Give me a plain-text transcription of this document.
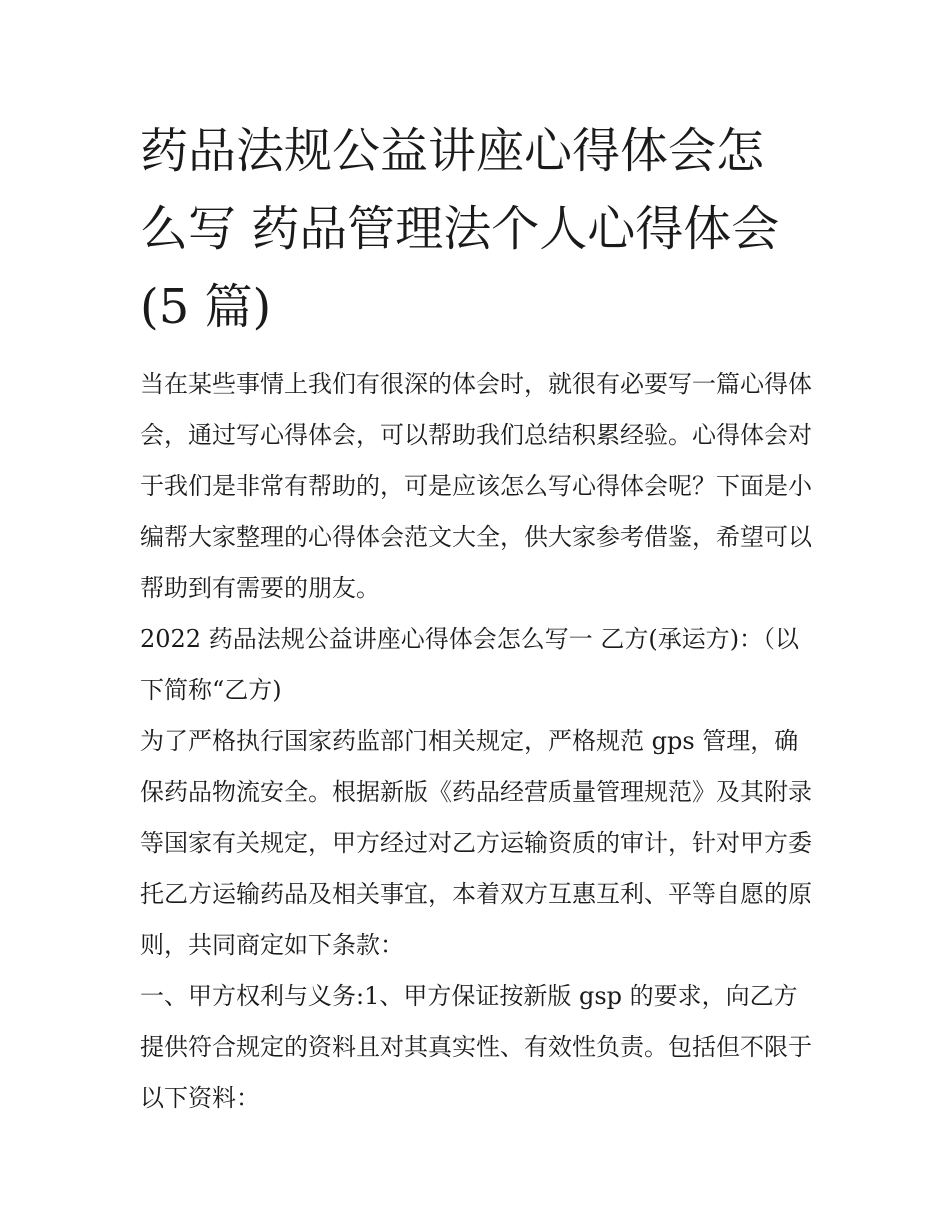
药品法规公益讲座心得体会怎
么写 药品管理法个人心得体会
(5 篇)

当在某些事情上我们有很深的体会时，就很有必要写一篇心得体会，通过写心得体会，可以帮助我们总结积累经验。心得体会对于我们是非常有帮助的，可是应该怎么写心得体会呢？下面是小编帮大家整理的心得体会范文大全，供大家参考借鉴，希望可以帮助到有需要的朋友。

2022 药品法规公益讲座心得体会怎么写一 乙方(承运方)：（以下简称“乙方)

为了严格执行国家药监部门相关规定，严格规范 gps 管理，确保药品物流安全。根据新版《药品经营质量管理规范》及其附录等国家有关规定，甲方经过对乙方运输资质的审计，针对甲方委托乙方运输药品及相关事宜，本着双方互惠互利、平等自愿的原则，共同商定如下条款：

一、甲方权利与义务:1、甲方保证按新版 gsp 的要求，向乙方提供符合规定的资料且对其真实性、有效性负责。包括但不限于以下资料：
